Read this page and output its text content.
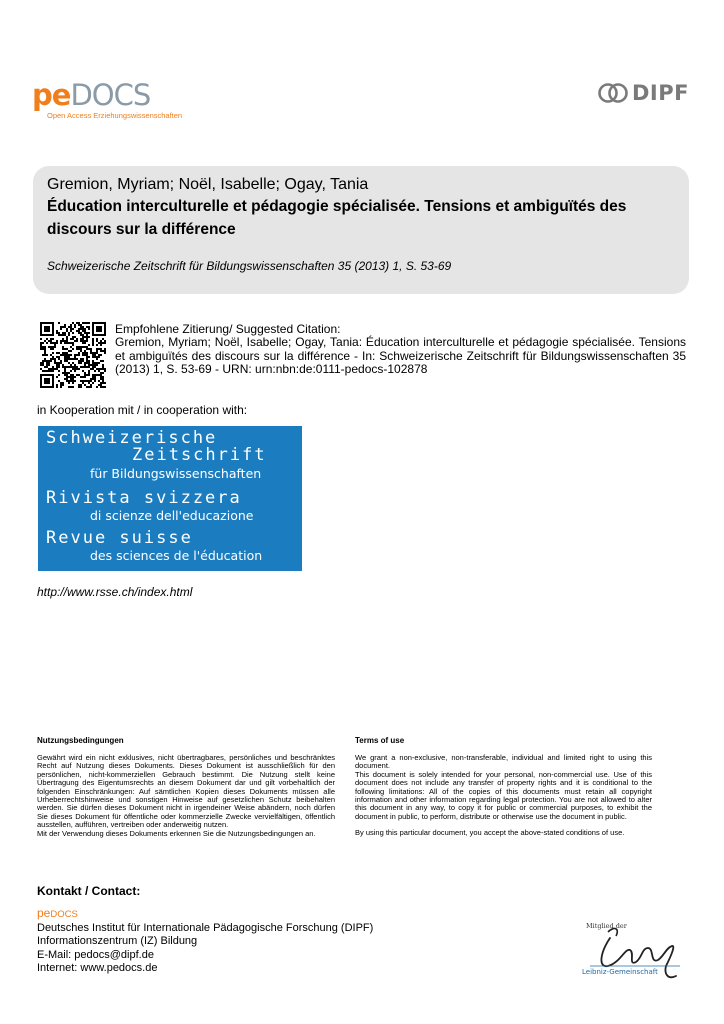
peDOCS
Open Access Erziehungswissenschaften
DIPF
Gremion, Myriam; Noël, Isabelle; Ogay, Tania
Éducation interculturelle et pédagogie spécialisée. Tensions et ambiguïtés des discours sur la différence
Schweizerische Zeitschrift für Bildungswissenschaften 35 (2013) 1, S. 53-69
Empfohlene Zitierung/ Suggested Citation:
Gremion, Myriam; Noël, Isabelle; Ogay, Tania: Éducation interculturelle et pédagogie spécialisée. Tensions et ambiguïtés des discours sur la différence - In: Schweizerische Zeitschrift für Bildungswissenschaften 35 (2013) 1, S. 53-69 - URN: urn:nbn:de:0111-pedocs-102878
in Kooperation mit / in cooperation with:
Schweizerische
Zeitschrift
für Bildungswissenschaften
Rivista svizzera
di scienze dell'educazione
Revue suisse
des sciences de l'éducation
http://www.rsse.ch/index.html
Nutzungsbedingungen

Gewährt wird ein nicht exklusives, nicht übertragbares, persönliches und beschränktes Recht auf Nutzung dieses Dokuments. Dieses Dokument ist ausschließlich für den persönlichen, nicht-kommerziellen Gebrauch bestimmt. Die Nutzung stellt keine Übertragung des Eigentumsrechts an diesem Dokument dar und gilt vorbehaltlich der folgenden Einschränkungen: Auf sämtlichen Kopien dieses Dokuments müssen alle Urheberrechtshinweise und sonstigen Hinweise auf gesetzlichen Schutz beibehalten werden. Sie dürfen dieses Dokument nicht in irgendeiner Weise abändern, noch dürfen Sie dieses Dokument für öffentliche oder kommerzielle Zwecke vervielfältigen, öffentlich ausstellen, aufführen, vertreiben oder anderweitig nutzen.

Mit der Verwendung dieses Dokuments erkennen Sie die Nutzungsbedingungen an.

Terms of use

We grant a non-exclusive, non-transferable, individual and limited right to using this document.

This document is solely intended for your personal, non-commercial use. Use of this document does not include any transfer of property rights and it is conditional to the following limitations: All of the copies of this documents must retain all copyright information and other information regarding legal protection. You are not allowed to alter this document in any way, to copy it for public or commercial purposes, to exhibit the document in public, to perform, distribute or otherwise use the document in public.

By using this particular document, you accept the above-stated conditions of use.

Kontakt / Contact:
peDOCS
Deutsches Institut für Internationale Pädagogische Forschung (DIPF)
Informationszentrum (IZ) Bildung
E-Mail: pedocs@dipf.de
Internet: www.pedocs.de
Mitglied der
Leibniz-Gemeinschaft
